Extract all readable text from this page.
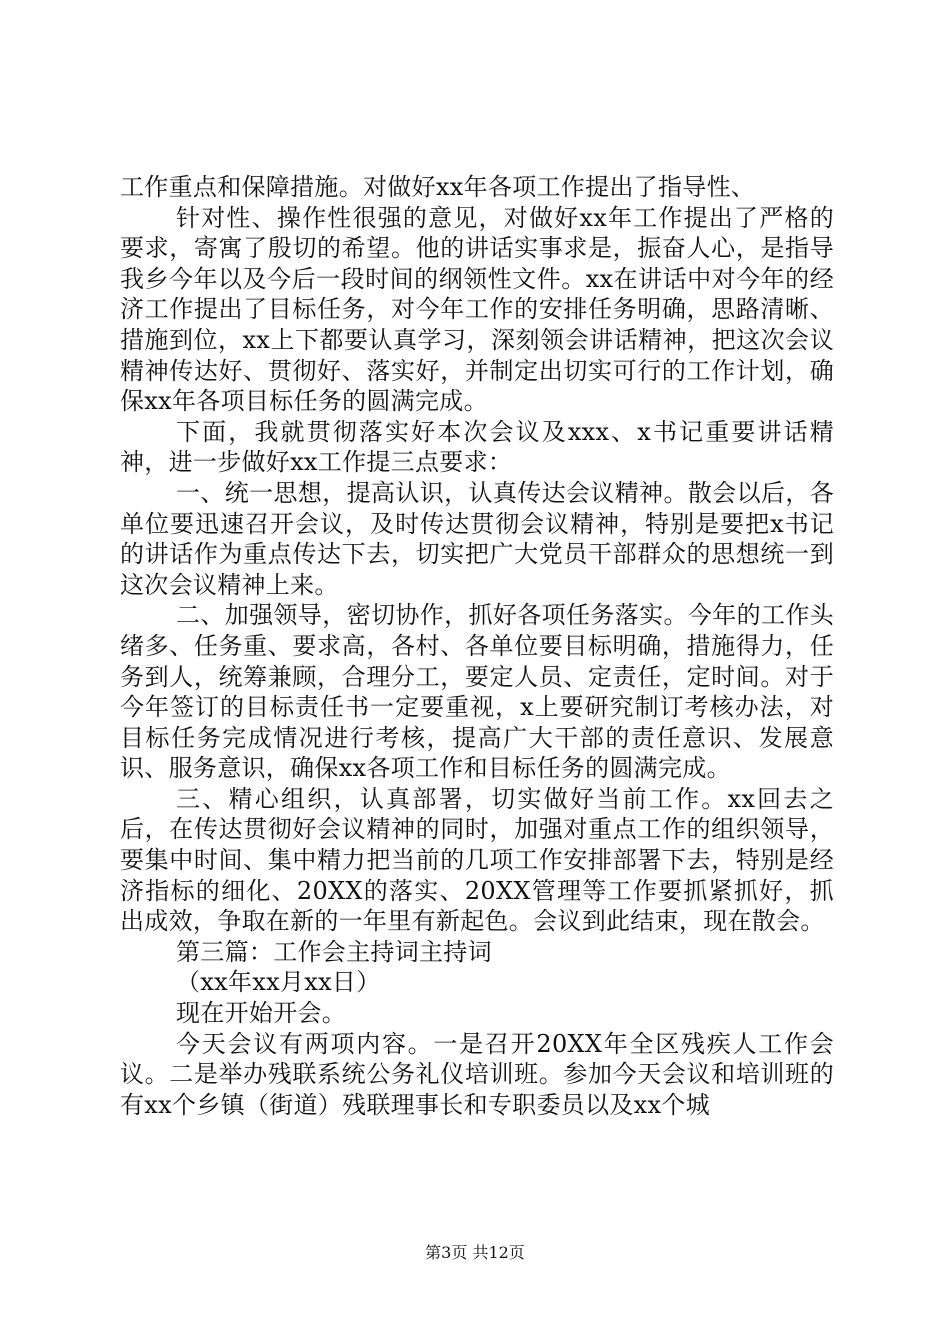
工作重点和保障措施。对做好xx年各项工作提出了指导性、

针对性、操作性很强的意见，对做好xx年工作提出了严格的要求，寄寓了殷切的希望。他的讲话实事求是，振奋人心，是指导我乡今年以及今后一段时间的纲领性文件。xx在讲话中对今年的经济工作提出了目标任务，对今年工作的安排任务明确，思路清晰、措施到位，xx上下都要认真学习，深刻领会讲话精神，把这次会议精神传达好、贯彻好、落实好，并制定出切实可行的工作计划，确保xx年各项目标任务的圆满完成。

下面，我就贯彻落实好本次会议及xxx、x书记重要讲话精神，进一步做好xx工作提三点要求：

一、统一思想，提高认识，认真传达会议精神。散会以后，各单位要迅速召开会议，及时传达贯彻会议精神，特别是要把x书记的讲话作为重点传达下去，切实把广大党员干部群众的思想统一到这次会议精神上来。

二、加强领导，密切协作，抓好各项任务落实。今年的工作头绪多、任务重、要求高，各村、各单位要目标明确，措施得力，任务到人，统筹兼顾，合理分工，要定人员、定责任，定时间。对于今年签订的目标责任书一定要重视，x上要研究制订考核办法，对目标任务完成情况进行考核，提高广大干部的责任意识、发展意识、服务意识，确保xx各项工作和目标任务的圆满完成。

三、精心组织，认真部署，切实做好当前工作。xx回去之后，在传达贯彻好会议精神的同时，加强对重点工作的组织领导，要集中时间、集中精力把当前的几项工作安排部署下去，特别是经济指标的细化、20XX的落实、20XX管理等工作要抓紧抓好，抓出成效，争取在新的一年里有新起色。会议到此结束，现在散会。

第三篇：工作会主持词主持词

（xx年xx月xx日）

现在开始开会。

今天会议有两项内容。一是召开20XX年全区残疾人工作会议。二是举办残联系统公务礼仪培训班。参加今天会议和培训班的有xx个乡镇（街道）残联理事长和专职委员以及xx个城

第3页 共12页
